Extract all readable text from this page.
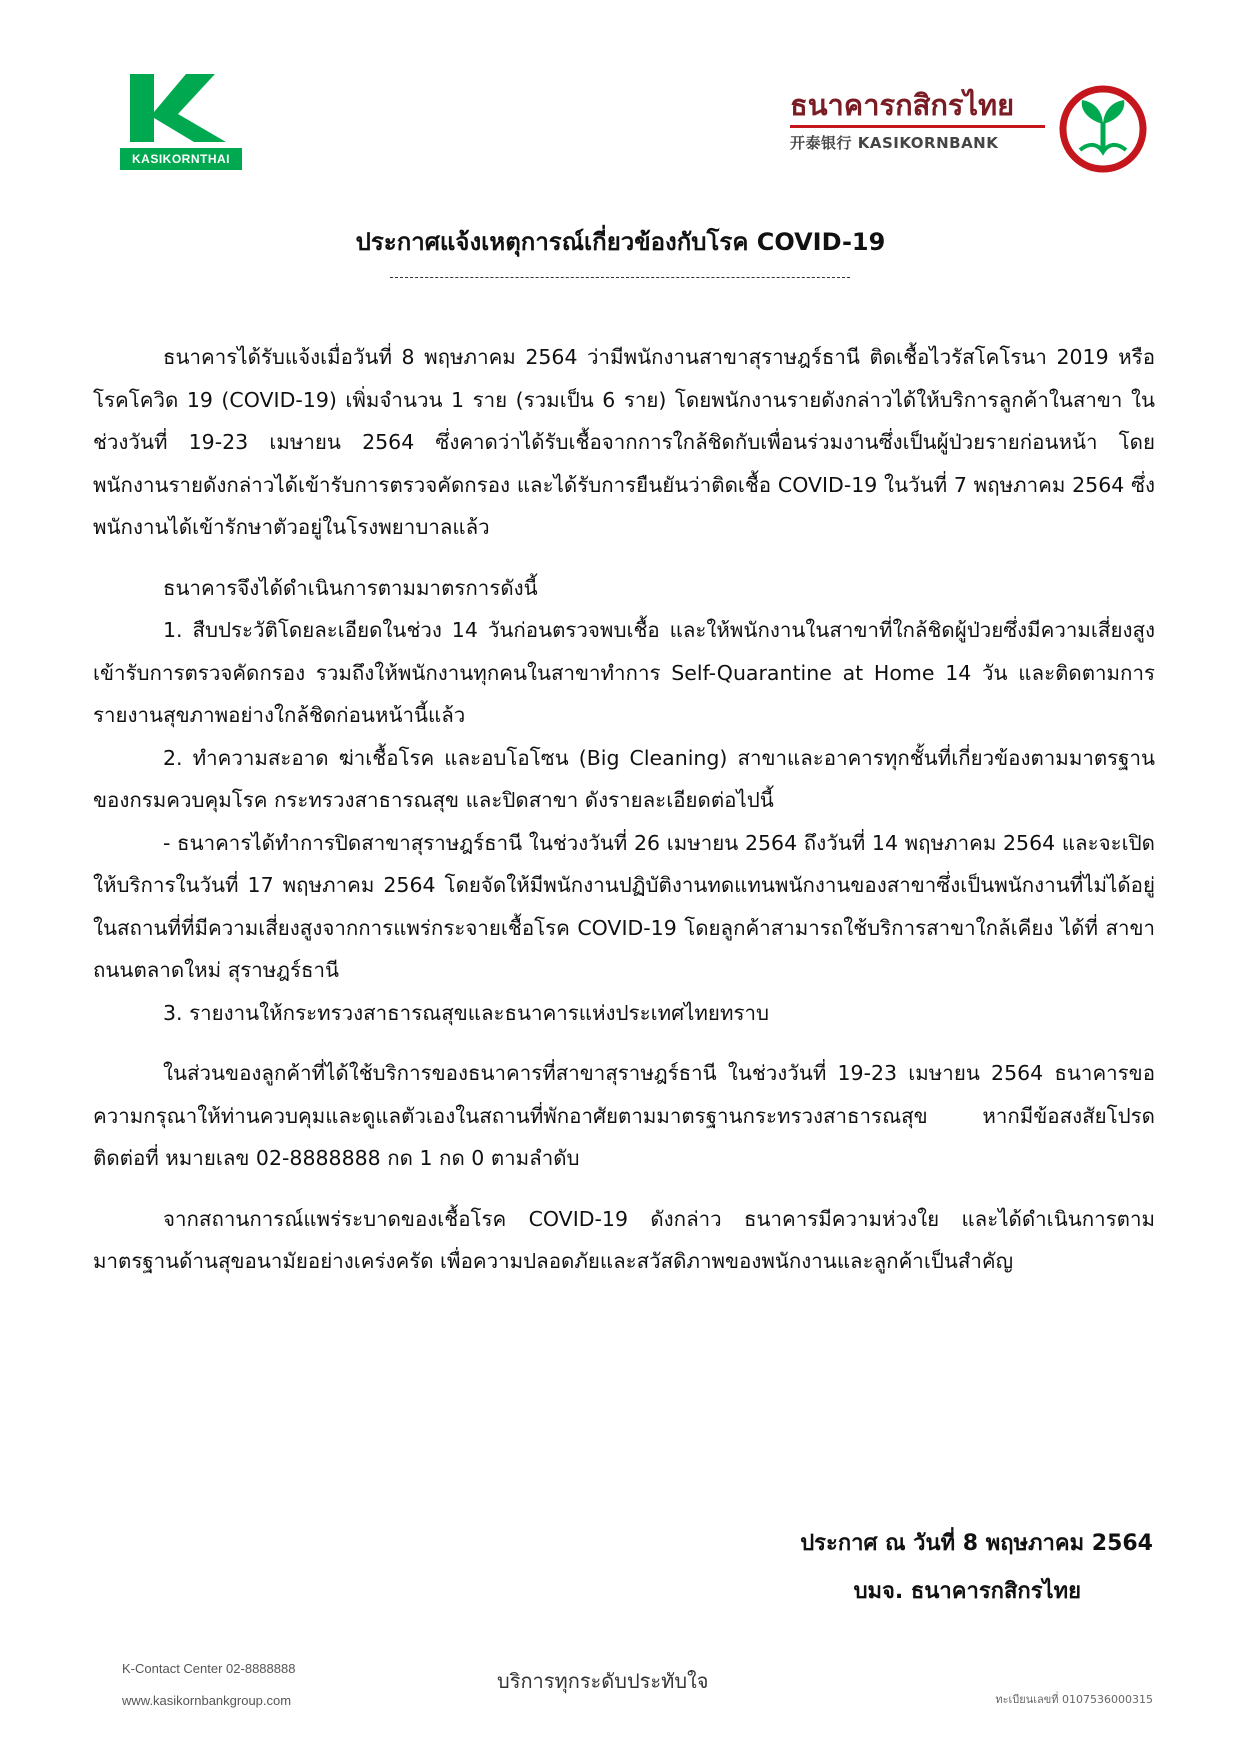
KASIKORNTHAI
ธนาคารกสิกรไทย
开泰银行 KASIKORNBANK
ประกาศแจ้งเหตุการณ์เกี่ยวข้องกับโรค COVID-19

ธนาคารได้รับแจ้งเมื่อวันที่ 8 พฤษภาคม 2564 ว่ามีพนักงานสาขาสุราษฎร์ธานี ติดเชื้อไวรัสโคโรนา 2019 หรือโรคโควิด 19 (COVID-19) เพิ่มจำนวน 1 ราย (รวมเป็น 6 ราย) โดยพนักงานรายดังกล่าวได้ให้บริการลูกค้าในสาขา ในช่วงวันที่ 19-23 เมษายน 2564 ซึ่งคาดว่าได้รับเชื้อจากการใกล้ชิดกับเพื่อนร่วมงานซึ่งเป็นผู้ป่วยรายก่อนหน้า โดยพนักงานรายดังกล่าวได้เข้ารับการตรวจคัดกรอง และได้รับการยืนยันว่าติดเชื้อ COVID-19 ในวันที่ 7 พฤษภาคม 2564 ซึ่งพนักงานได้เข้ารักษาตัวอยู่ในโรงพยาบาลแล้ว

ธนาคารจึงได้ดำเนินการตามมาตรการดังนี้

1. สืบประวัติโดยละเอียดในช่วง 14 วันก่อนตรวจพบเชื้อ และให้พนักงานในสาขาที่ใกล้ชิดผู้ป่วยซึ่งมีความเสี่ยงสูงเข้ารับการตรวจคัดกรอง รวมถึงให้พนักงานทุกคนในสาขาทำการ Self-Quarantine at Home 14 วัน และติดตามการรายงานสุขภาพอย่างใกล้ชิดก่อนหน้านี้แล้ว

2. ทำความสะอาด ฆ่าเชื้อโรค และอบโอโซน (Big Cleaning) สาขาและอาคารทุกชั้นที่เกี่ยวข้องตามมาตรฐานของกรมควบคุมโรค กระทรวงสาธารณสุข และปิดสาขา ดังรายละเอียดต่อไปนี้

- ธนาคารได้ทำการปิดสาขาสุราษฎร์ธานี ในช่วงวันที่ 26 เมษายน 2564 ถึงวันที่ 14 พฤษภาคม 2564 และจะเปิดให้บริการในวันที่ 17 พฤษภาคม 2564 โดยจัดให้มีพนักงานปฏิบัติงานทดแทนพนักงานของสาขาซึ่งเป็นพนักงานที่ไม่ได้อยู่ในสถานที่ที่มีความเสี่ยงสูงจากการแพร่กระจายเชื้อโรค COVID-19 โดยลูกค้าสามารถใช้บริการสาขาใกล้เคียง ได้ที่ สาขาถนนตลาดใหม่ สุราษฎร์ธานี

3. รายงานให้กระทรวงสาธารณสุขและธนาคารแห่งประเทศไทยทราบ

ในส่วนของลูกค้าที่ได้ใช้บริการของธนาคารที่สาขาสุราษฎร์ธานี ในช่วงวันที่ 19-23 เมษายน 2564 ธนาคารขอความกรุณาให้ท่านควบคุมและดูแลตัวเองในสถานที่พักอาศัยตามมาตรฐานกระทรวงสาธารณสุข หากมีข้อสงสัยโปรดติดต่อที่ หมายเลข 02-8888888 กด 1 กด 0 ตามลำดับ

จากสถานการณ์แพร่ระบาดของเชื้อโรค COVID-19 ดังกล่าว ธนาคารมีความห่วงใย และได้ดำเนินการตามมาตรฐานด้านสุขอนามัยอย่างเคร่งครัด เพื่อความปลอดภัยและสวัสดิภาพของพนักงานและลูกค้าเป็นสำคัญ

ประกาศ ณ วันที่ 8 พฤษภาคม 2564
บมจ. ธนาคารกสิกรไทย
K-Contact Center 02-8888888
www.kasikornbankgroup.com
บริการทุกระดับประทับใจ
ทะเบียนเลขที่ 0107536000315
